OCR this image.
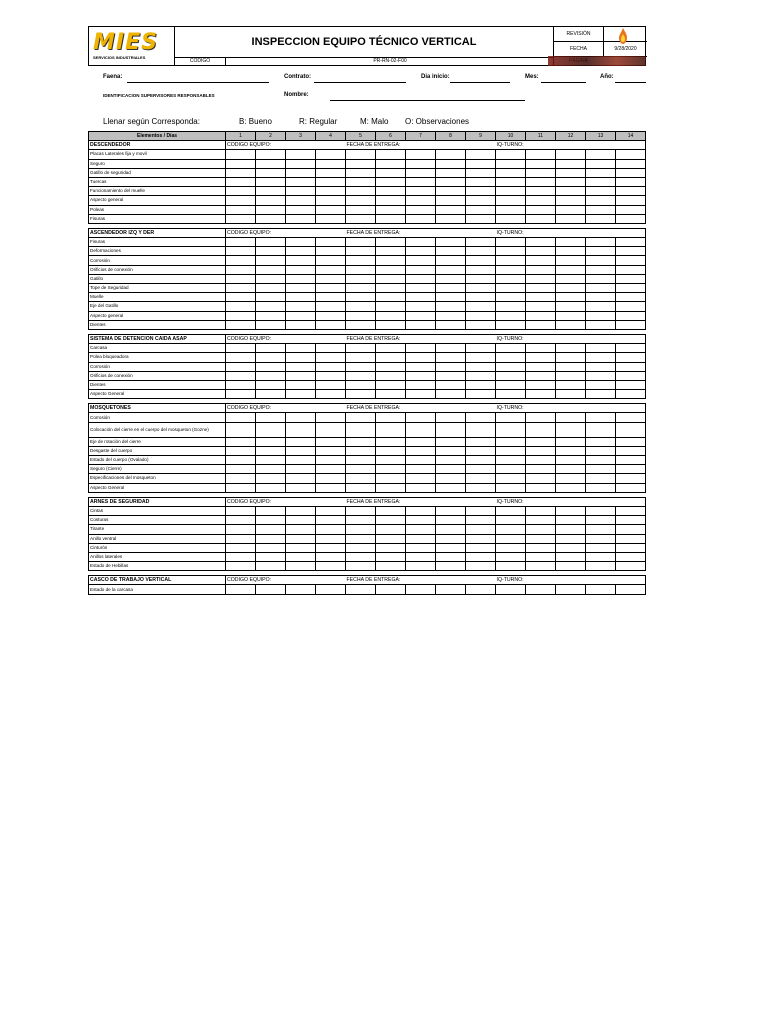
MIES
SERVICIOS INDUSTRIALES
INSPECCION EQUIPO TÉCNICO VERTICAL
REVISIÓN
FECHA	9/28/2020
CODIGO	PR-RN-02-F00
Faena:	Contrato:	Dia inicio:	Mes:	Año:
IDENTIFICACION SUPERVISORES RESPONSABLES	Nombre:
Llenar según Corresponda:	B: Bueno	R: Regular	M: Malo O: Observaciones
Elementos / Días	1	2	3	4	5	6	7	8	9	10	11	12	13	14
DESCENDEDOR	CODIGO EQUIPO:				FECHA DE ENTREGA:					IQ-TURNO:				
Placas Laterales fija y movil														
Seguro														
Gatillo de seguridad														
Tuercas														
Funcionamiento del muelle														
Aspecto general														
Poleas														
Fisuras														

ASCENDEDOR IZQ Y DER	CODIGO EQUIPO:				FECHA DE ENTREGA:					IQ-TURNO:				
Fisuras														
Deformaciones														
Corrosión														
Orificios de conexión														
Gatillo														
Tope de Seguridad														
Muelle														
Eje del Gatillo														
Aspecto general														
Dientes														

SISTEMA DE DETENCION CAIDA ASAP	CODIGO EQUIPO:				FECHA DE ENTREGA:					IQ-TURNO:				
Carcasa														
Polea bloqueadora														
Corrosión														
Orificios de conexión														
Dientes														
Aspecto General														

MOSQUETONES	CODIGO EQUIPO:				FECHA DE ENTREGA:					IQ-TURNO:				
Corrosión														
Colocación del cierre en el cuerpo del mosqueton (Gozne)														
Eje de rotación del cierre														
Desgaste del cuerpo														
Estado del cuerpo (Ovalado)														
Seguro (Cierre)														
Especificaciones del mosqueton														
Aspecto General														

ARNES DE SEGURIDAD	CODIGO EQUIPO:				FECHA DE ENTREGA:					IQ-TURNO:				
Cintas														
Costuras														
Tirante														
Anillo ventral														
Cinturón														
Anillos laterales														
Estado de Hebillas														

CASCO DE TRABAJO VERTICAL	CODIGO EQUIPO:				FECHA DE ENTREGA:					IQ-TURNO:				
Estado de la carcasa														
